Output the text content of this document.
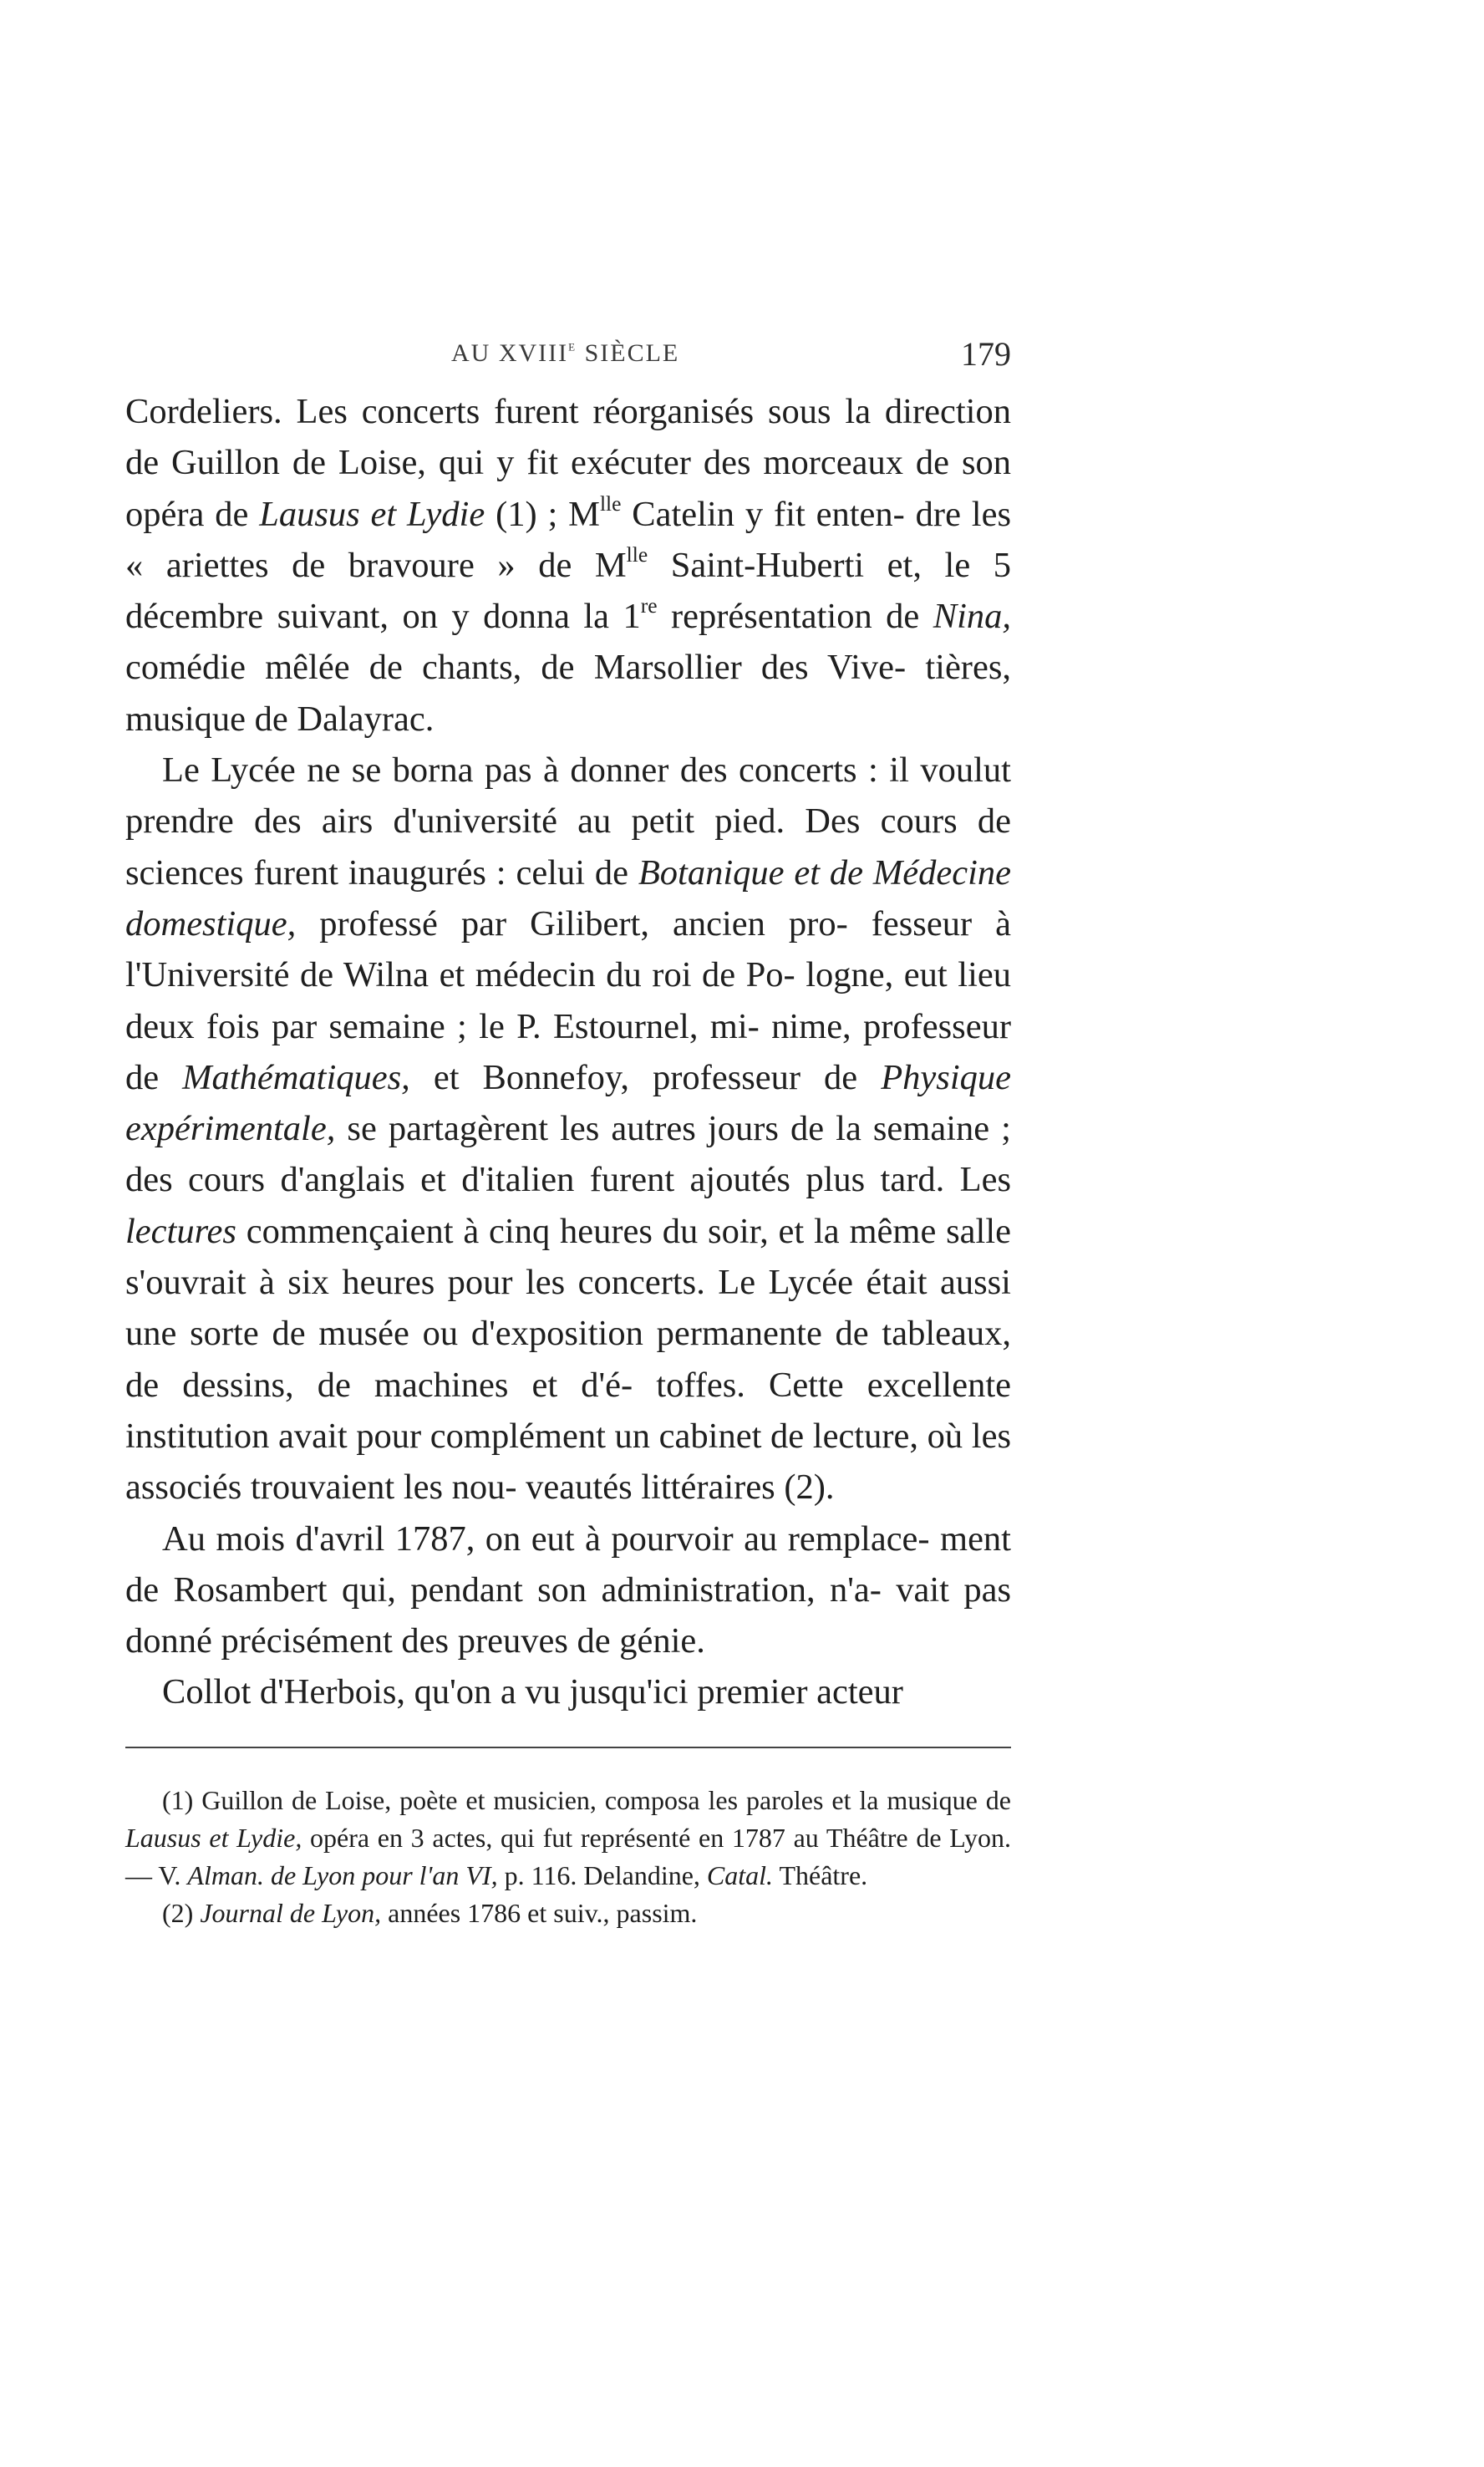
AU XVIIIe SIÈCLE	179

Cordeliers. Les concerts furent réorganisés sous la direction de Guillon de Loise, qui y fit exécuter des morceaux de son opéra de Lausus et Lydie (1) ; $M^{lle}$ Catelin y fit enten- dre les « ariettes de bravoure » de $M^{lle}$ Saint-Huberti et, le 5 décembre suivant, on y donna la 1re représentation de Nina, comédie mêlée de chants, de Marsollier des Vive- tières, musique de Dalayrac.

Le Lycée ne se borna pas à donner des concerts : il voulut prendre des airs d'université au petit pied. Des cours de sciences furent inaugurés : celui de Botanique et de Médecine domestique, professé par Gilibert, ancien pro- fesseur à l'Université de Wilna et médecin du roi de Po- logne, eut lieu deux fois par semaine ; le P. Estournel, mi- nime, professeur de Mathématiques, et Bonnefoy, professeur de Physique expérimentale, se partagèrent les autres jours de la semaine ; des cours d'anglais et d'italien furent ajoutés plus tard. Les lectures commençaient à cinq heures du soir, et la même salle s'ouvrait à six heures pour les concerts. Le Lycée était aussi une sorte de musée ou d'exposition permanente de tableaux, de dessins, de machines et d'é- toffes. Cette excellente institution avait pour complément un cabinet de lecture, où les associés trouvaient les nou- veautés littéraires (2).

Au mois d'avril 1787, on eut à pourvoir au remplace- ment de Rosambert qui, pendant son administration, n'a- vait pas donné précisément des preuves de génie.

Collot d'Herbois, qu'on a vu jusqu'ici premier acteur

(1) Guillon de Loise, poète et musicien, composa les paroles et la musique de Lausus et Lydie, opéra en 3 actes, qui fut représenté en 1787 au Théâtre de Lyon. — V. Alman. de Lyon pour l'an VI, p. 116. Delandine, Catal. Théâtre.

(2) Journal de Lyon, années 1786 et suiv., passim.
